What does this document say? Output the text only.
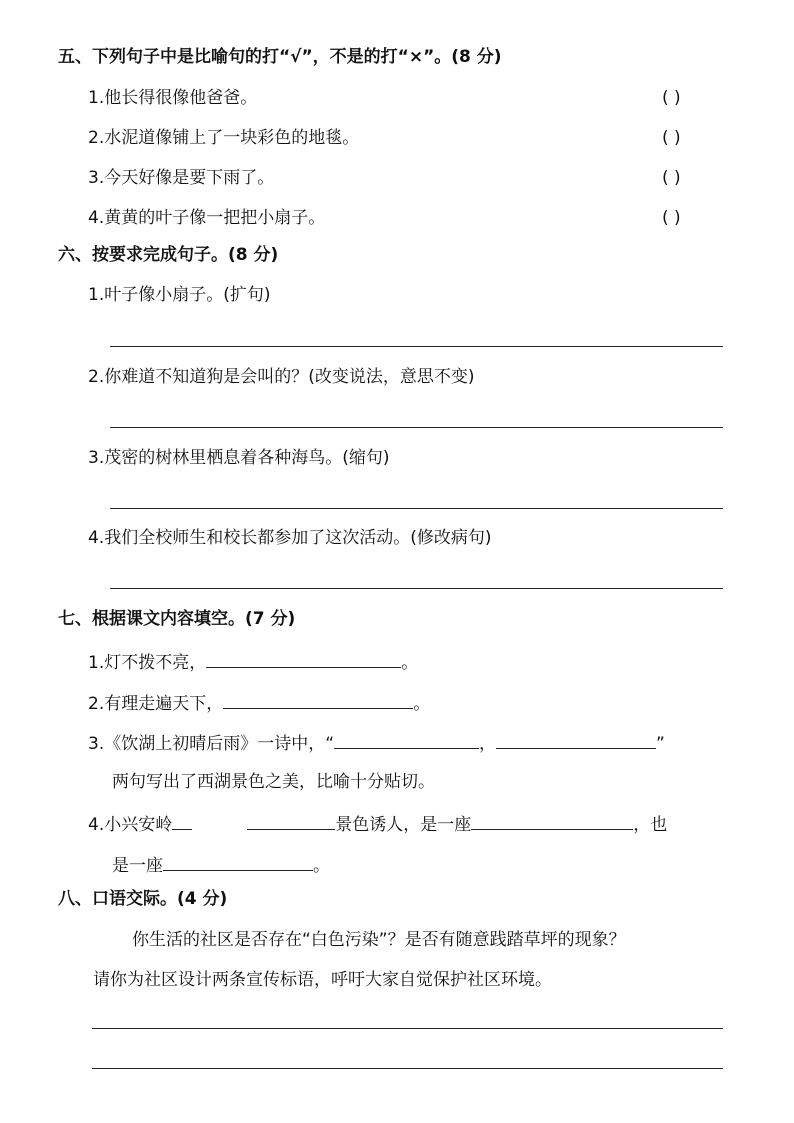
五、下列句子中是比喻句的打“√”，不是的打“×”。(8 分)
1.他长得很像他爸爸。	( )
2.水泥道像铺上了一块彩色的地毯。	( )
3.今天好像是要下雨了。	( )
4.黄黄的叶子像一把把小扇子。	( )
六、按要求完成句子。(8 分)
1.叶子像小扇子。(扩句)
2.你难道不知道狗是会叫的？(改变说法，意思不变)
3.茂密的树林里栖息着各种海鸟。(缩句)
4.我们全校师生和校长都参加了这次活动。(修改病句)
七、根据课文内容填空。(7 分)
1.灯不拨不亮，	。
2.有理走遍天下，	。
3.《饮湖上初晴后雨》一诗中，“	，	”
两句写出了西湖景色之美，比喻十分贴切。
4.小兴安岭	景色诱人，是一座	，也
是一座	。
八、口语交际。(4 分)
你生活的社区是否存在“白色污染”？是否有随意践踏草坪的现象？
请你为社区设计两条宣传标语，呼吁大家自觉保护社区环境。
